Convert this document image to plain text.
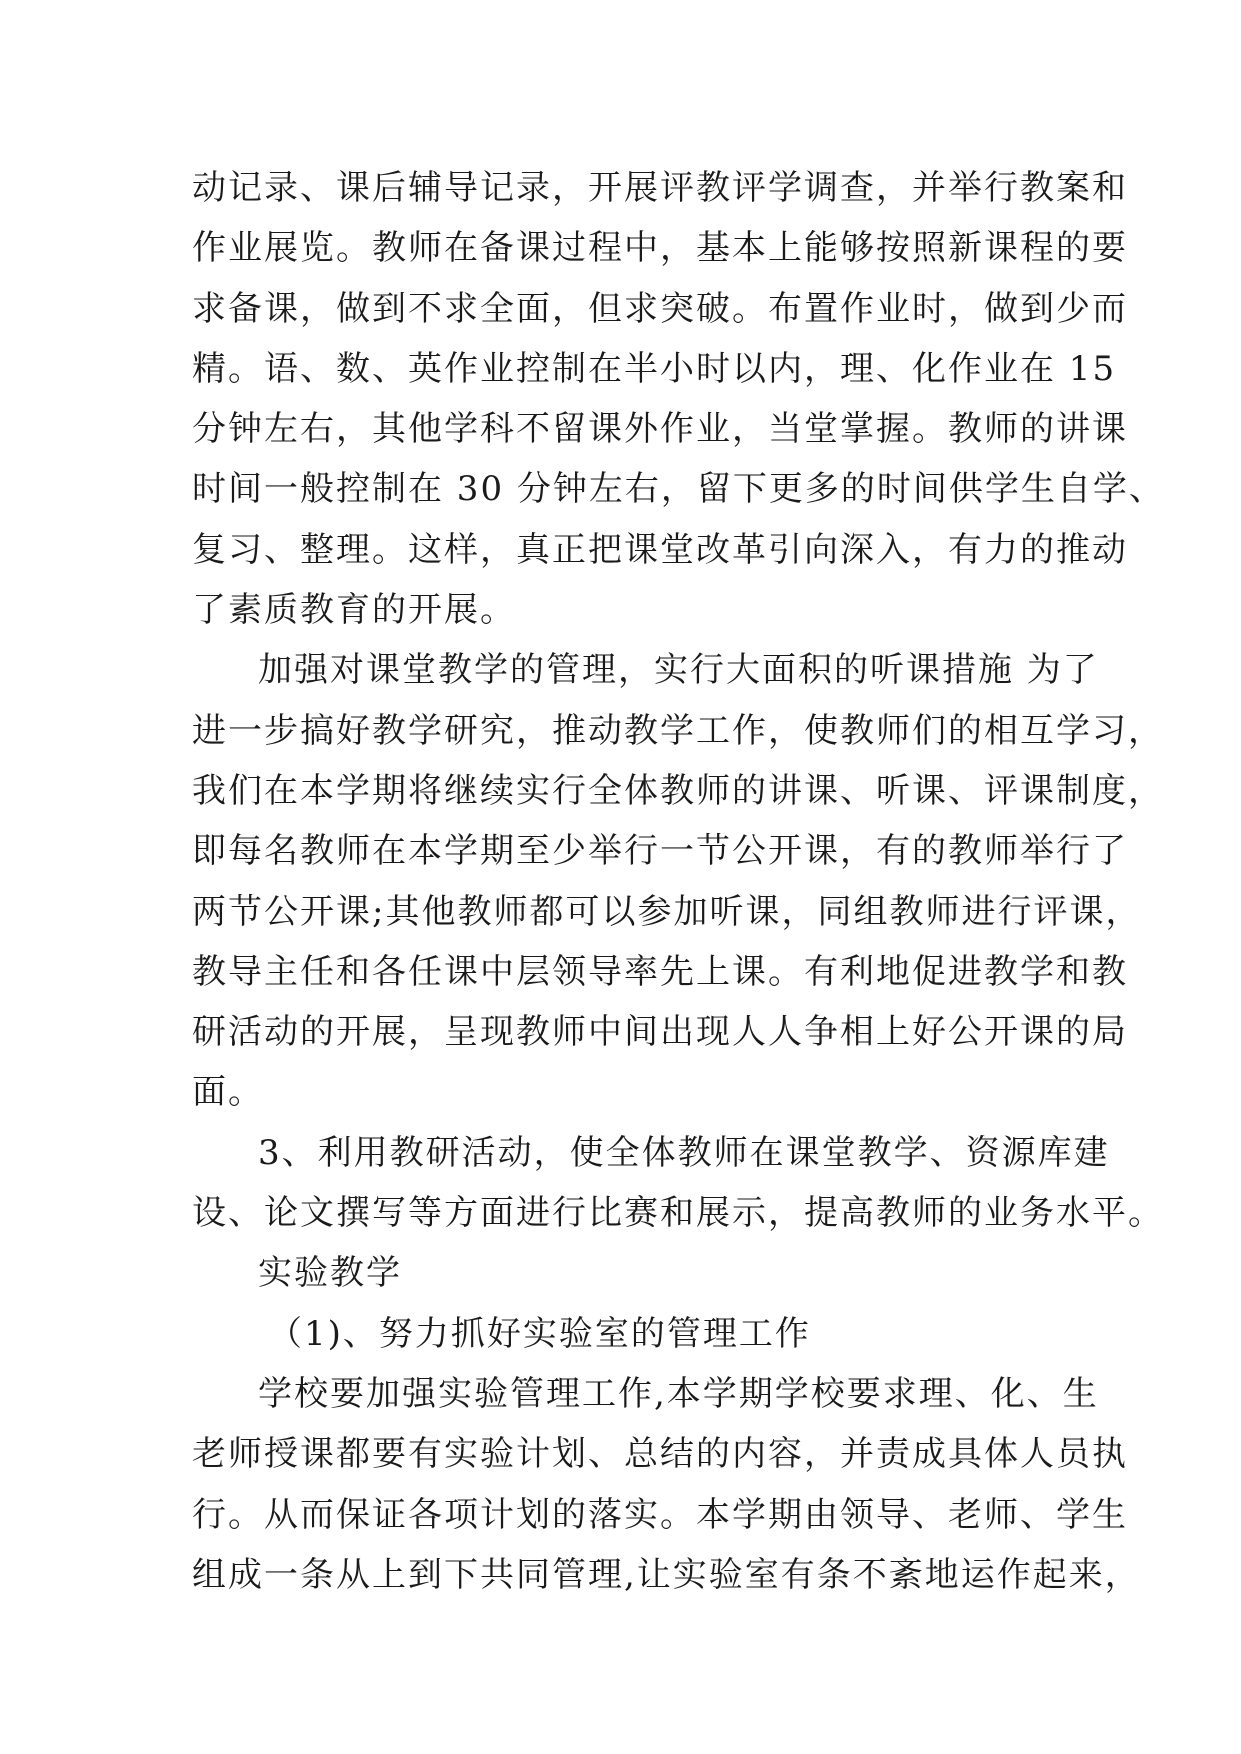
动记录、课后辅导记录，开展评教评学调查，并举行教案和
作业展览。教师在备课过程中，基本上能够按照新课程的要
求备课，做到不求全面，但求突破。布置作业时，做到少而
精。语、数、英作业控制在半小时以内，理、化作业在 15
分钟左右，其他学科不留课外作业，当堂掌握。教师的讲课
时间一般控制在 30 分钟左右，留下更多的时间供学生自学、
复习、整理。这样，真正把课堂改革引向深入，有力的推动
了素质教育的开展。
加强对课堂教学的管理，实行大面积的听课措施 为了
进一步搞好教学研究，推动教学工作，使教师们的相互学习，
我们在本学期将继续实行全体教师的讲课、听课、评课制度，
即每名教师在本学期至少举行一节公开课，有的教师举行了
两节公开课;其他教师都可以参加听课，同组教师进行评课，
教导主任和各任课中层领导率先上课。有利地促进教学和教
研活动的开展，呈现教师中间出现人人争相上好公开课的局
面。
3、利用教研活动，使全体教师在课堂教学、资源库建
设、论文撰写等方面进行比赛和展示，提高教师的业务水平。
实验教学
（1)、努力抓好实验室的管理工作
学校要加强实验管理工作,本学期学校要求理、化、生
老师授课都要有实验计划、总结的内容，并责成具体人员执
行。从而保证各项计划的落实。本学期由领导、老师、学生
组成一条从上到下共同管理,让实验室有条不紊地运作起来，
